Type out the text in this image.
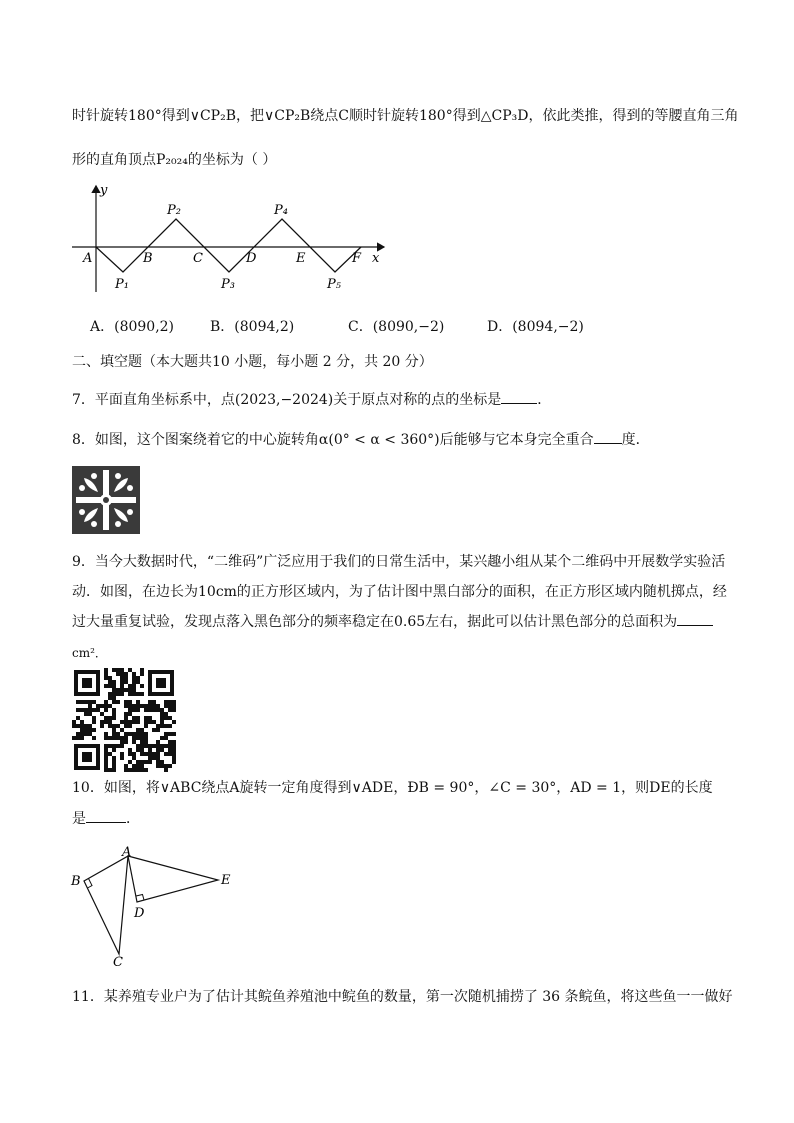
时针旋转180°得到∨CP₂B，把∨CP₂B绕点C顺时针旋转180°得到△CP₃D，依此类推，得到的等腰直角三角
形的直角顶点P₂₀₂₄的坐标为（ ）
y
x
A	B	C	D	E	F
P₂	P₄
P₁	P₃	P₅
A．(8090,2)	B．(8094,2)	C．(8090,−2)	D．(8094,−2)
二、填空题（本大题共10 小题，每小题 2 分，共 20 分）
7．平面直角坐标系中，点(2023,−2024)关于原点对称的点的坐标是	．
8．如图，这个图案绕着它的中心旋转角α(0° < α < 360°)后能够与它本身完全重合 度．
9．当今大数据时代，“二维码”广泛应用于我们的日常生活中，某兴趣小组从某个二维码中开展数学实验活
动．如图，在边长为10cm的正方形区域内，为了估计图中黑白部分的面积，在正方形区域内随机掷点，经
过大量重复试验，发现点落入黑色部分的频率稳定在0.65左右，据此可以估计黑色部分的总面积为
cm²．
10．如图，将∨ABC绕点A旋转一定角度得到∨ADE，ÐB = 90°，∠C = 30°，AD = 1，则DE的长度
是	．
A
B
C
D
E
11．某养殖专业户为了估计其鲩鱼养殖池中鲩鱼的数量，第一次随机捕捞了 36 条鲩鱼，将这些鱼一一做好
